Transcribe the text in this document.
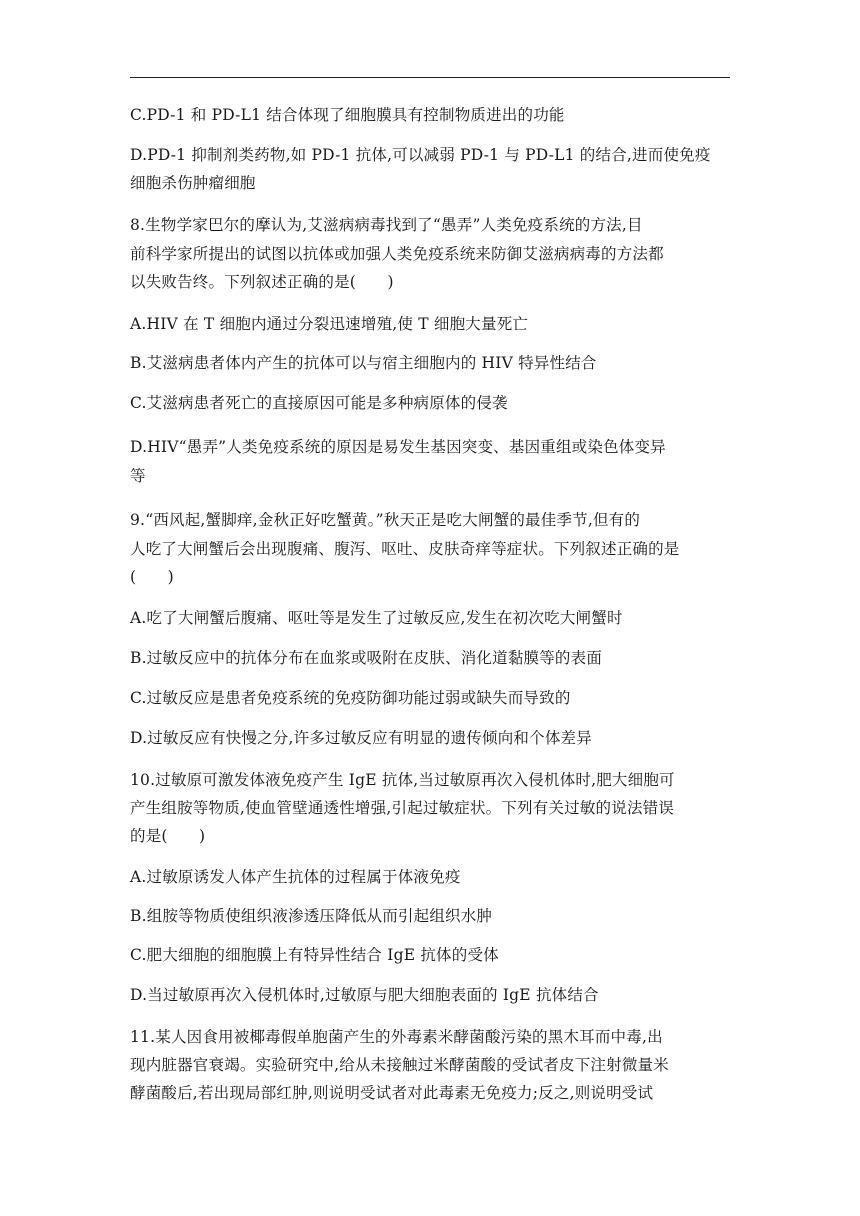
C.PD-1 和 PD-L1 结合体现了细胞膜具有控制物质进出的功能

D.PD-1 抑制剂类药物,如 PD-1 抗体,可以减弱 PD-1 与 PD-L1 的结合,进而使免疫

细胞杀伤肿瘤细胞

8.生物学家巴尔的摩认为,艾滋病病毒找到了“愚弄”人类免疫系统的方法,目

前科学家所提出的试图以抗体或加强人类免疫系统来防御艾滋病病毒的方法都

以失败告终。下列叙述正确的是(　　)

A.HIV 在 T 细胞内通过分裂迅速增殖,使 T 细胞大量死亡

B.艾滋病患者体内产生的抗体可以与宿主细胞内的 HIV 特异性结合

C.艾滋病患者死亡的直接原因可能是多种病原体的侵袭

D.HIV“愚弄”人类免疫系统的原因是易发生基因突变、基因重组或染色体变异

等

9.“西风起,蟹脚痒,金秋正好吃蟹黄。”秋天正是吃大闸蟹的最佳季节,但有的

人吃了大闸蟹后会出现腹痛、腹泻、呕吐、皮肤奇痒等症状。下列叙述正确的是

(　　)

A.吃了大闸蟹后腹痛、呕吐等是发生了过敏反应,发生在初次吃大闸蟹时

B.过敏反应中的抗体分布在血浆或吸附在皮肤、消化道黏膜等的表面

C.过敏反应是患者免疫系统的免疫防御功能过弱或缺失而导致的

D.过敏反应有快慢之分,许多过敏反应有明显的遗传倾向和个体差异

10.过敏原可激发体液免疫产生 IgE 抗体,当过敏原再次入侵机体时,肥大细胞可

产生组胺等物质,使血管壁通透性增强,引起过敏症状。下列有关过敏的说法错误

的是(　　)

A.过敏原诱发人体产生抗体的过程属于体液免疫

B.组胺等物质使组织液渗透压降低从而引起组织水肿

C.肥大细胞的细胞膜上有特异性结合 IgE 抗体的受体

D.当过敏原再次入侵机体时,过敏原与肥大细胞表面的 IgE 抗体结合

11.某人因食用被椰毒假单胞菌产生的外毒素米酵菌酸污染的黑木耳而中毒,出

现内脏器官衰竭。实验研究中,给从未接触过米酵菌酸的受试者皮下注射微量米

酵菌酸后,若出现局部红肿,则说明受试者对此毒素无免疫力;反之,则说明受试
